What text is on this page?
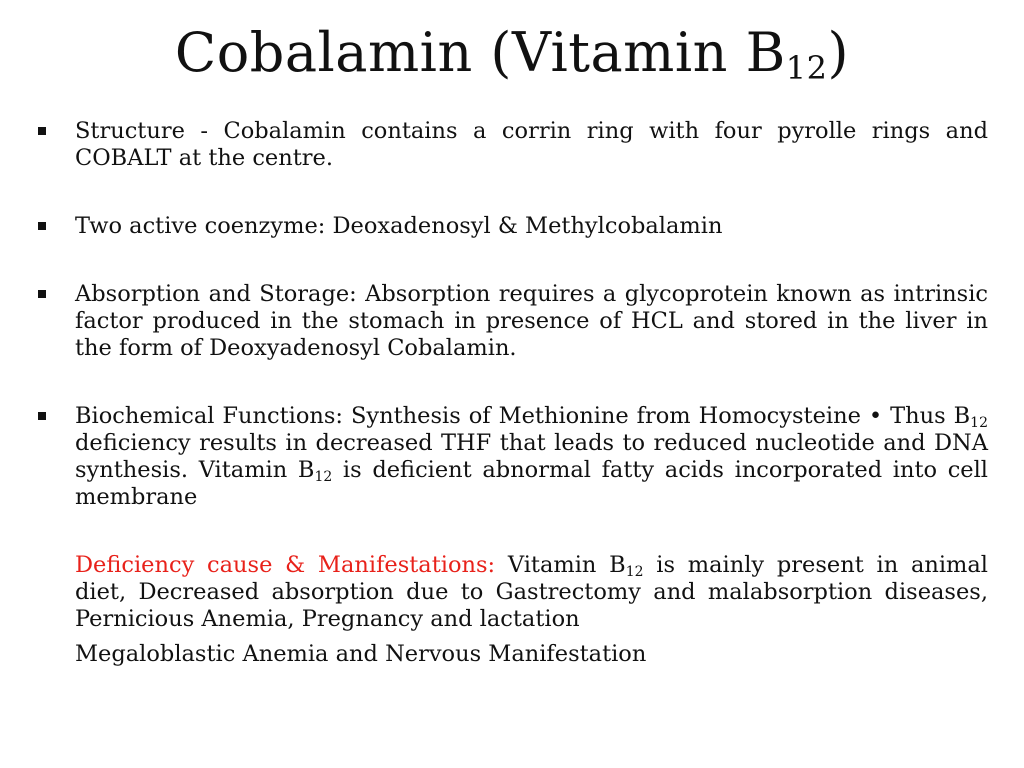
Cobalamin (Vitamin $B_{12}$)
Structure - Cobalamin contains a corrin ring with four pyrolle rings and COBALT at the centre.
Two active coenzyme: Deoxadenosyl & Methylcobalamin
Absorption and Storage: Absorption requires a glycoprotein known as intrinsic factor produced in the stomach in presence of HCL and stored in the liver in the form of Deoxyadenosyl Cobalamin.
Biochemical Functions: Synthesis of Methionine from Homocysteine • Thus $B_{12}$ deficiency results in decreased THF that leads to reduced nucleotide and DNA synthesis. Vitamin $B_{12}$ is deficient abnormal fatty acids incorporated into cell membrane
Deficiency cause & Manifestations: Vitamin $B_{12}$ is mainly present in animal diet, Decreased absorption due to Gastrectomy and malabsorption diseases, Pernicious Anemia, Pregnancy and lactation
Megaloblastic Anemia and Nervous Manifestation
